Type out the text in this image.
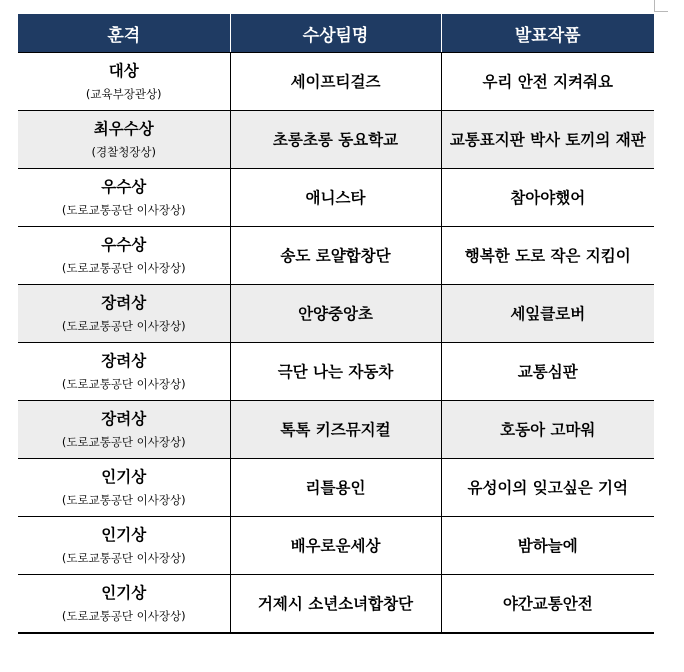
훈격	수상팀명	발표작품

대상
(교육부장관상)	세이프티걸즈	우리 안전 지켜줘요

최우수상
(경찰청장상)	초롱초롱 동요학교	교통표지판 박사 토끼의 재판

우수상
(도로교통공단 이사장상)	애니스타	참아야했어

우수상
(도로교통공단 이사장상)	송도 로얄합창단	행복한 도로 작은 지킴이

장려상
(도로교통공단 이사장상)	안양중앙초	세잎클로버

장려상
(도로교통공단 이사장상)	극단 나는 자동차	교통심판

장려상
(도로교통공단 이사장상)	톡톡 키즈뮤지컬	호동아 고마워

인기상
(도로교통공단 이사장상)	리틀용인	유성이의 잊고싶은 기억

인기상
(도로교통공단 이사장상)	배우로운세상	밤하늘에

인기상
(도로교통공단 이사장상)	거제시 소년소녀합창단	야간교통안전
